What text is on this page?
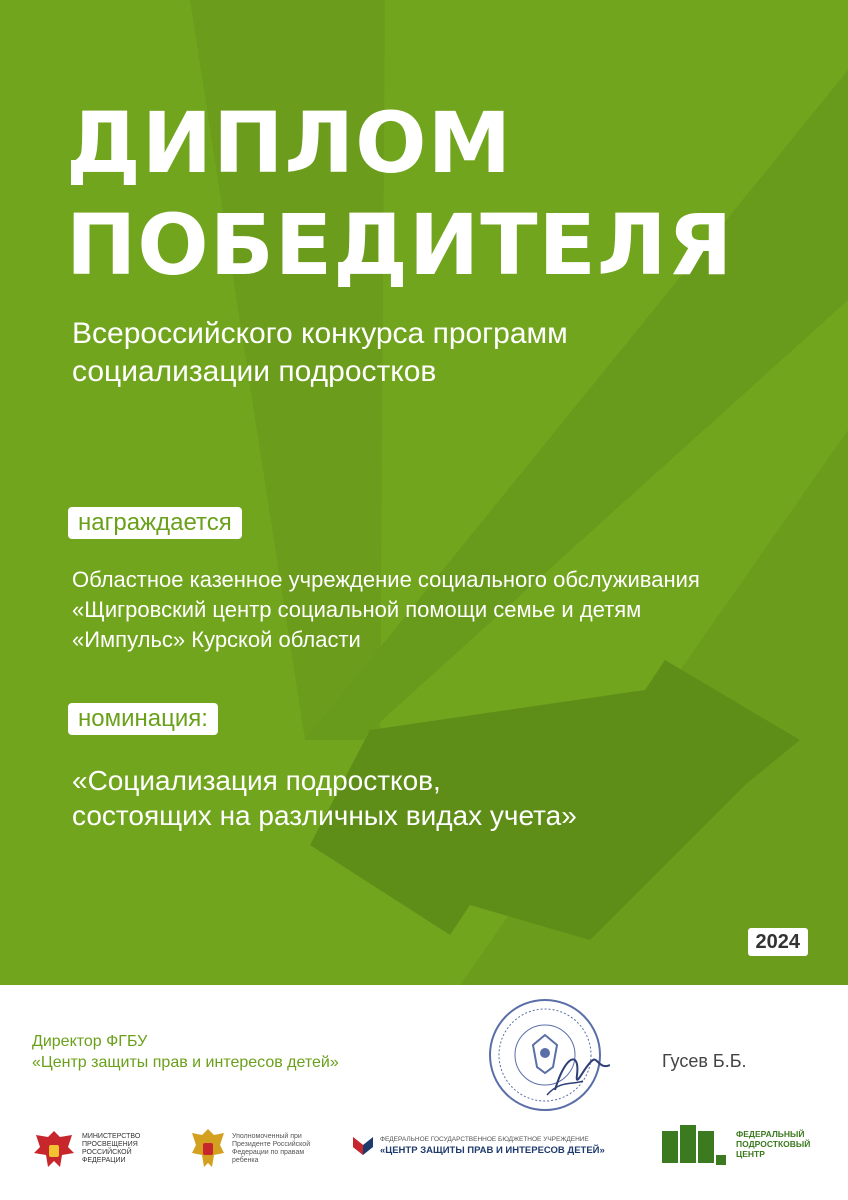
ДИПЛОМ
ПОБЕДИТЕЛЯ

Всероссийского конкурса программ социализации подростков

награждается

Областное казенное учреждение социального обслуживания «Щигровский центр социальной помощи семье и детям «Импульс» Курской области

номинация:

«Социализация подростков,
состоящих на различных видах учета»

2024

Директор ФГБУ
«Центр защиты прав и интересов детей»	Гусев Б.Б.
МИНИСТЕРСТВО ПРОСВЕЩЕНИЯ РОССИЙСКОЙ ФЕДЕРАЦИИ
Уполномоченный при Президенте Российской Федерации по правам ребенка
ФЕДЕРАЛЬНОЕ ГОСУДАРСТВЕННОЕ БЮДЖЕТНОЕ УЧРЕЖДЕНИЕ
«ЦЕНТР ЗАЩИТЫ ПРАВ И ИНТЕРЕСОВ ДЕТЕЙ»
ФЕДЕРАЛЬНЫЙ ПОДРОСТКОВЫЙ ЦЕНТР
